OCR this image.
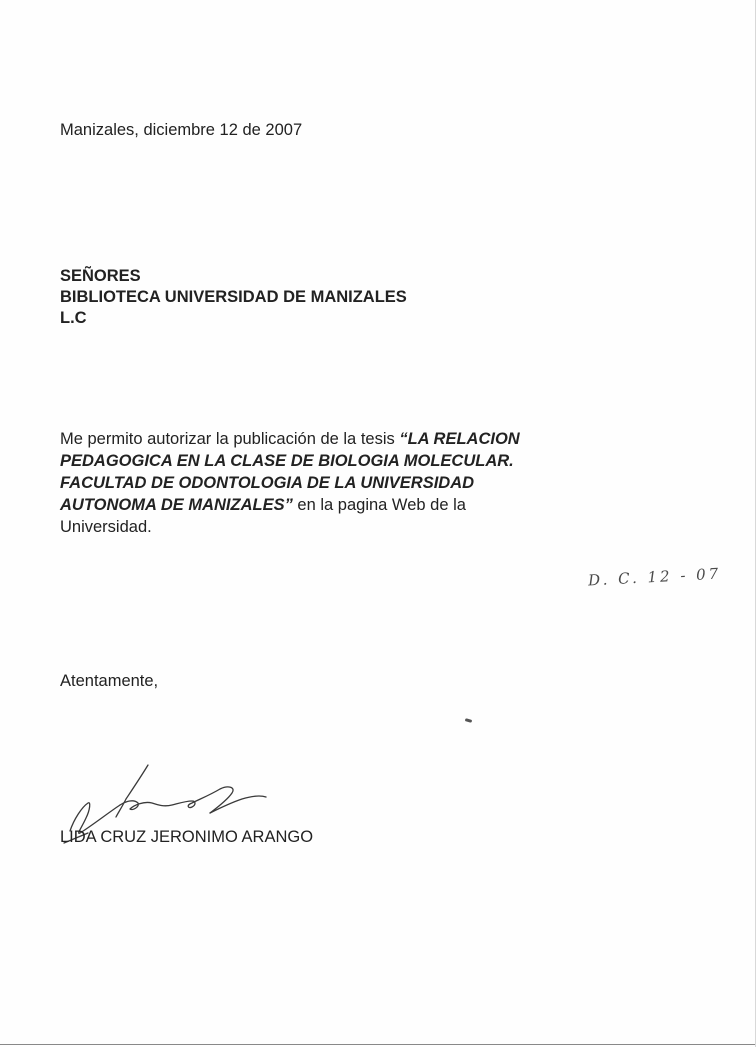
Manizales, diciembre 12 de 2007
SEÑORES
BIBLIOTECA UNIVERSIDAD DE MANIZALES
L.C
Me permito autorizar la publicación de la tesis “LA RELACION
PEDAGOGICA EN LA CLASE DE BIOLOGIA MOLECULAR.
FACULTAD DE ODONTOLOGIA DE LA UNIVERSIDAD
AUTONOMA DE MANIZALES” en la pagina Web de la
Universidad.
D. C. 12 - 07
Atentamente,
LIDA CRUZ JERONIMO ARANGO
